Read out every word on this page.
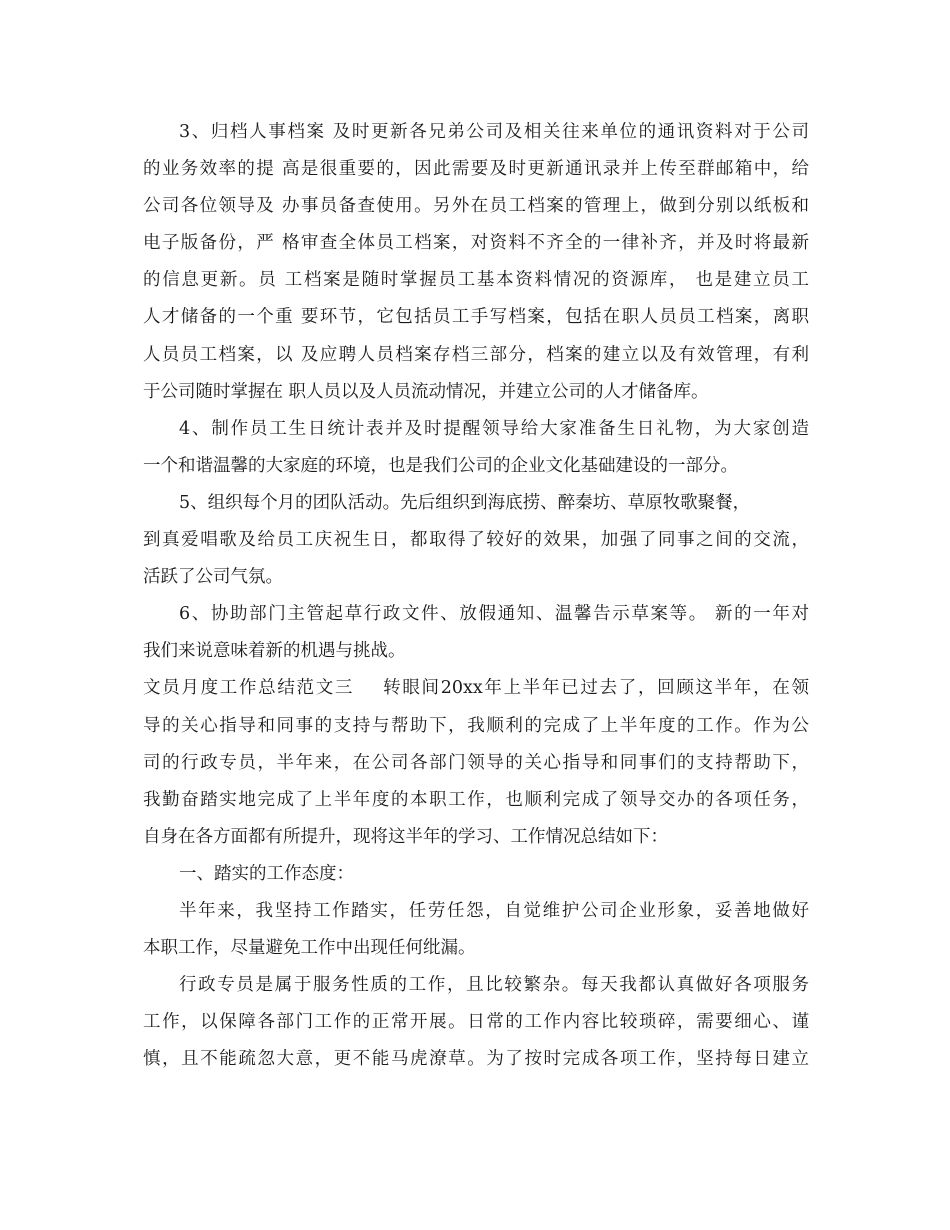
3、归档人事档案 及时更新各兄弟公司及相关往来单位的通讯资料对于公司
的业务效率的提 高是很重要的，因此需要及时更新通讯录并上传至群邮箱中，给
公司各位领导及 办事员备查使用。另外在员工档案的管理上，做到分别以纸板和
电子版备份，严 格审查全体员工档案，对资料不齐全的一律补齐，并及时将最新
的信息更新。员 工档案是随时掌握员工基本资料情况的资源库， 也是建立员工
人才储备的一个重 要环节，它包括员工手写档案，包括在职人员员工档案，离职
人员员工档案，以 及应聘人员档案存档三部分，档案的建立以及有效管理，有利
于公司随时掌握在 职人员以及人员流动情况，并建立公司的人才储备库。
4、制作员工生日统计表并及时提醒领导给大家准备生日礼物，为大家创造
一个和谐温馨的大家庭的环境，也是我们公司的企业文化基础建设的一部分。
5、组织每个月的团队活动。先后组织到海底捞、醉秦坊、草原牧歌聚餐，
到真爱唱歌及给员工庆祝生日，都取得了较好的效果，加强了同事之间的交流，
活跃了公司气氛。
6、协助部门主管起草行政文件、放假通知、温馨告示草案等。 新的一年对
我们来说意味着新的机遇与挑战。
文员月度工作总结范文三    转眼间20xx年上半年已过去了，回顾这半年，在领
导的关心指导和同事的支持与帮助下，我顺利的完成了上半年度的工作。作为公
司的行政专员，半年来，在公司各部门领导的关心指导和同事们的支持帮助下，
我勤奋踏实地完成了上半年度的本职工作，也顺利完成了领导交办的各项任务，
自身在各方面都有所提升，现将这半年的学习、工作情况总结如下：
一、踏实的工作态度：
半年来，我坚持工作踏实，任劳任怨，自觉维护公司企业形象，妥善地做好
本职工作，尽量避免工作中出现任何纰漏。
行政专员是属于服务性质的工作，且比较繁杂。每天我都认真做好各项服务
工作，以保障各部门工作的正常开展。日常的工作内容比较琐碎，需要细心、谨
慎，且不能疏忽大意，更不能马虎潦草。为了按时完成各项工作，坚持每日建立
